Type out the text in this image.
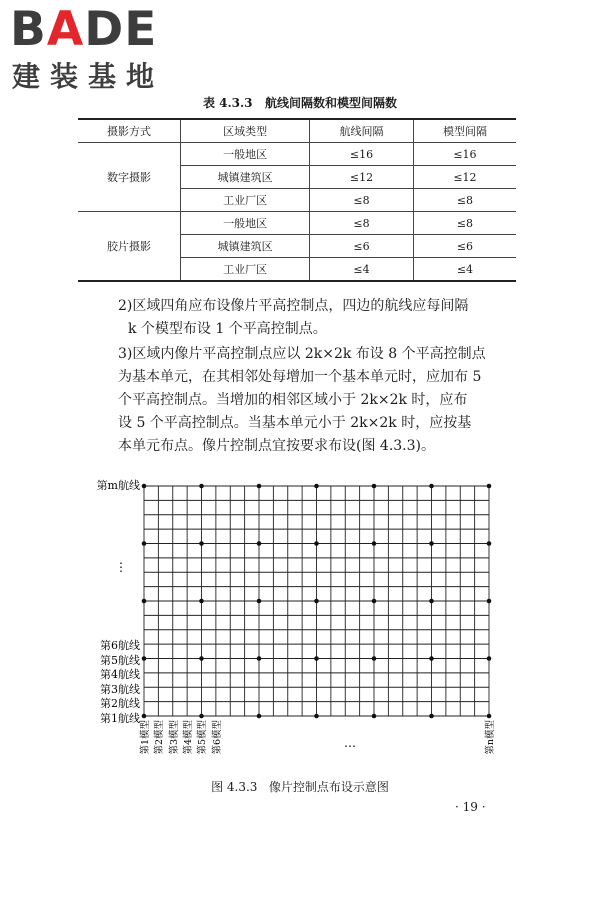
BADE
建装基地
表 4.3.3   航线间隔数和模型间隔数
摄影方式	区域类型	航线间隔	模型间隔
数字摄影	一般地区	≤16	≤16
	城镇建筑区	≤12	≤12
	工业厂区	≤8	≤8
胶片摄影	一般地区	≤8	≤8
	城镇建筑区	≤6	≤6
	工业厂区	≤4	≤4
2)区域四角应布设像片平高控制点，四边的航线应每间隔
k 个模型布设 1 个平高控制点。
3)区域内像片平高控制点应以 2k×2k 布设 8 个平高控制点
为基本单元，在其相邻处每增加一个基本单元时，应加布 5
个平高控制点。当增加的相邻区域小于 2k×2k 时，应布
设 5 个平高控制点。当基本单元小于 2k×2k 时，应按基
本单元布点。像片控制点宜按要求布设(图 4.3.3)。
第m航线
⋮
第6航线
第5航线
第4航线
第3航线
第2航线
第1航线
第1模型 第2模型 第3模型 第4模型 第5模型 第6模型	第n模型
…
图 4.3.3   像片控制点布设示意图
· 19 ·
